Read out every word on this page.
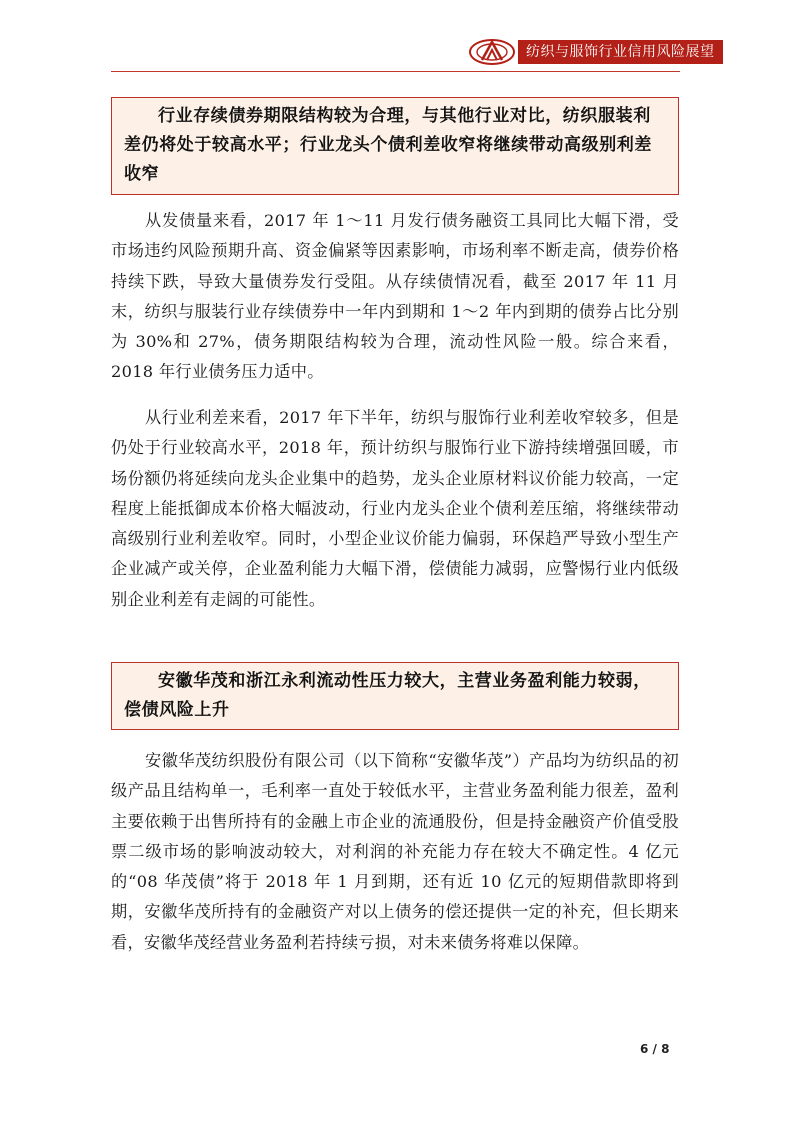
纺织与服饰行业信用风险展望

行业存续债券期限结构较为合理，与其他行业对比，纺织服装利差仍将处于较高水平；行业龙头个债利差收窄将继续带动高级别利差收窄

从发债量来看，2017 年 1～11 月发行债务融资工具同比大幅下滑，受市场违约风险预期升高、资金偏紧等因素影响，市场利率不断走高，债券价格持续下跌，导致大量债券发行受阻。从存续债情况看，截至 2017 年 11 月末，纺织与服装行业存续债券中一年内到期和 1～2 年内到期的债券占比分别为 30%和 27%，债务期限结构较为合理，流动性风险一般。综合来看，2018 年行业债务压力适中。

从行业利差来看，2017 年下半年，纺织与服饰行业利差收窄较多，但是仍处于行业较高水平，2018 年，预计纺织与服饰行业下游持续增强回暖，市场份额仍将延续向龙头企业集中的趋势，龙头企业原材料议价能力较高，一定程度上能抵御成本价格大幅波动，行业内龙头企业个债利差压缩，将继续带动高级别行业利差收窄。同时，小型企业议价能力偏弱，环保趋严导致小型生产企业减产或关停，企业盈利能力大幅下滑，偿债能力减弱，应警惕行业内低级别企业利差有走阔的可能性。

安徽华茂和浙江永利流动性压力较大，主营业务盈利能力较弱，偿债风险上升

安徽华茂纺织股份有限公司（以下简称“安徽华茂”）产品均为纺织品的初级产品且结构单一，毛利率一直处于较低水平，主营业务盈利能力很差，盈利主要依赖于出售所持有的金融上市企业的流通股份，但是持金融资产价值受股票二级市场的影响波动较大，对利润的补充能力存在较大不确定性。4 亿元的“08 华茂债”将于 2018 年 1 月到期，还有近 10 亿元的短期借款即将到期，安徽华茂所持有的金融资产对以上债务的偿还提供一定的补充，但长期来看，安徽华茂经营业务盈利若持续亏损，对未来债务将难以保障。

6 / 8
